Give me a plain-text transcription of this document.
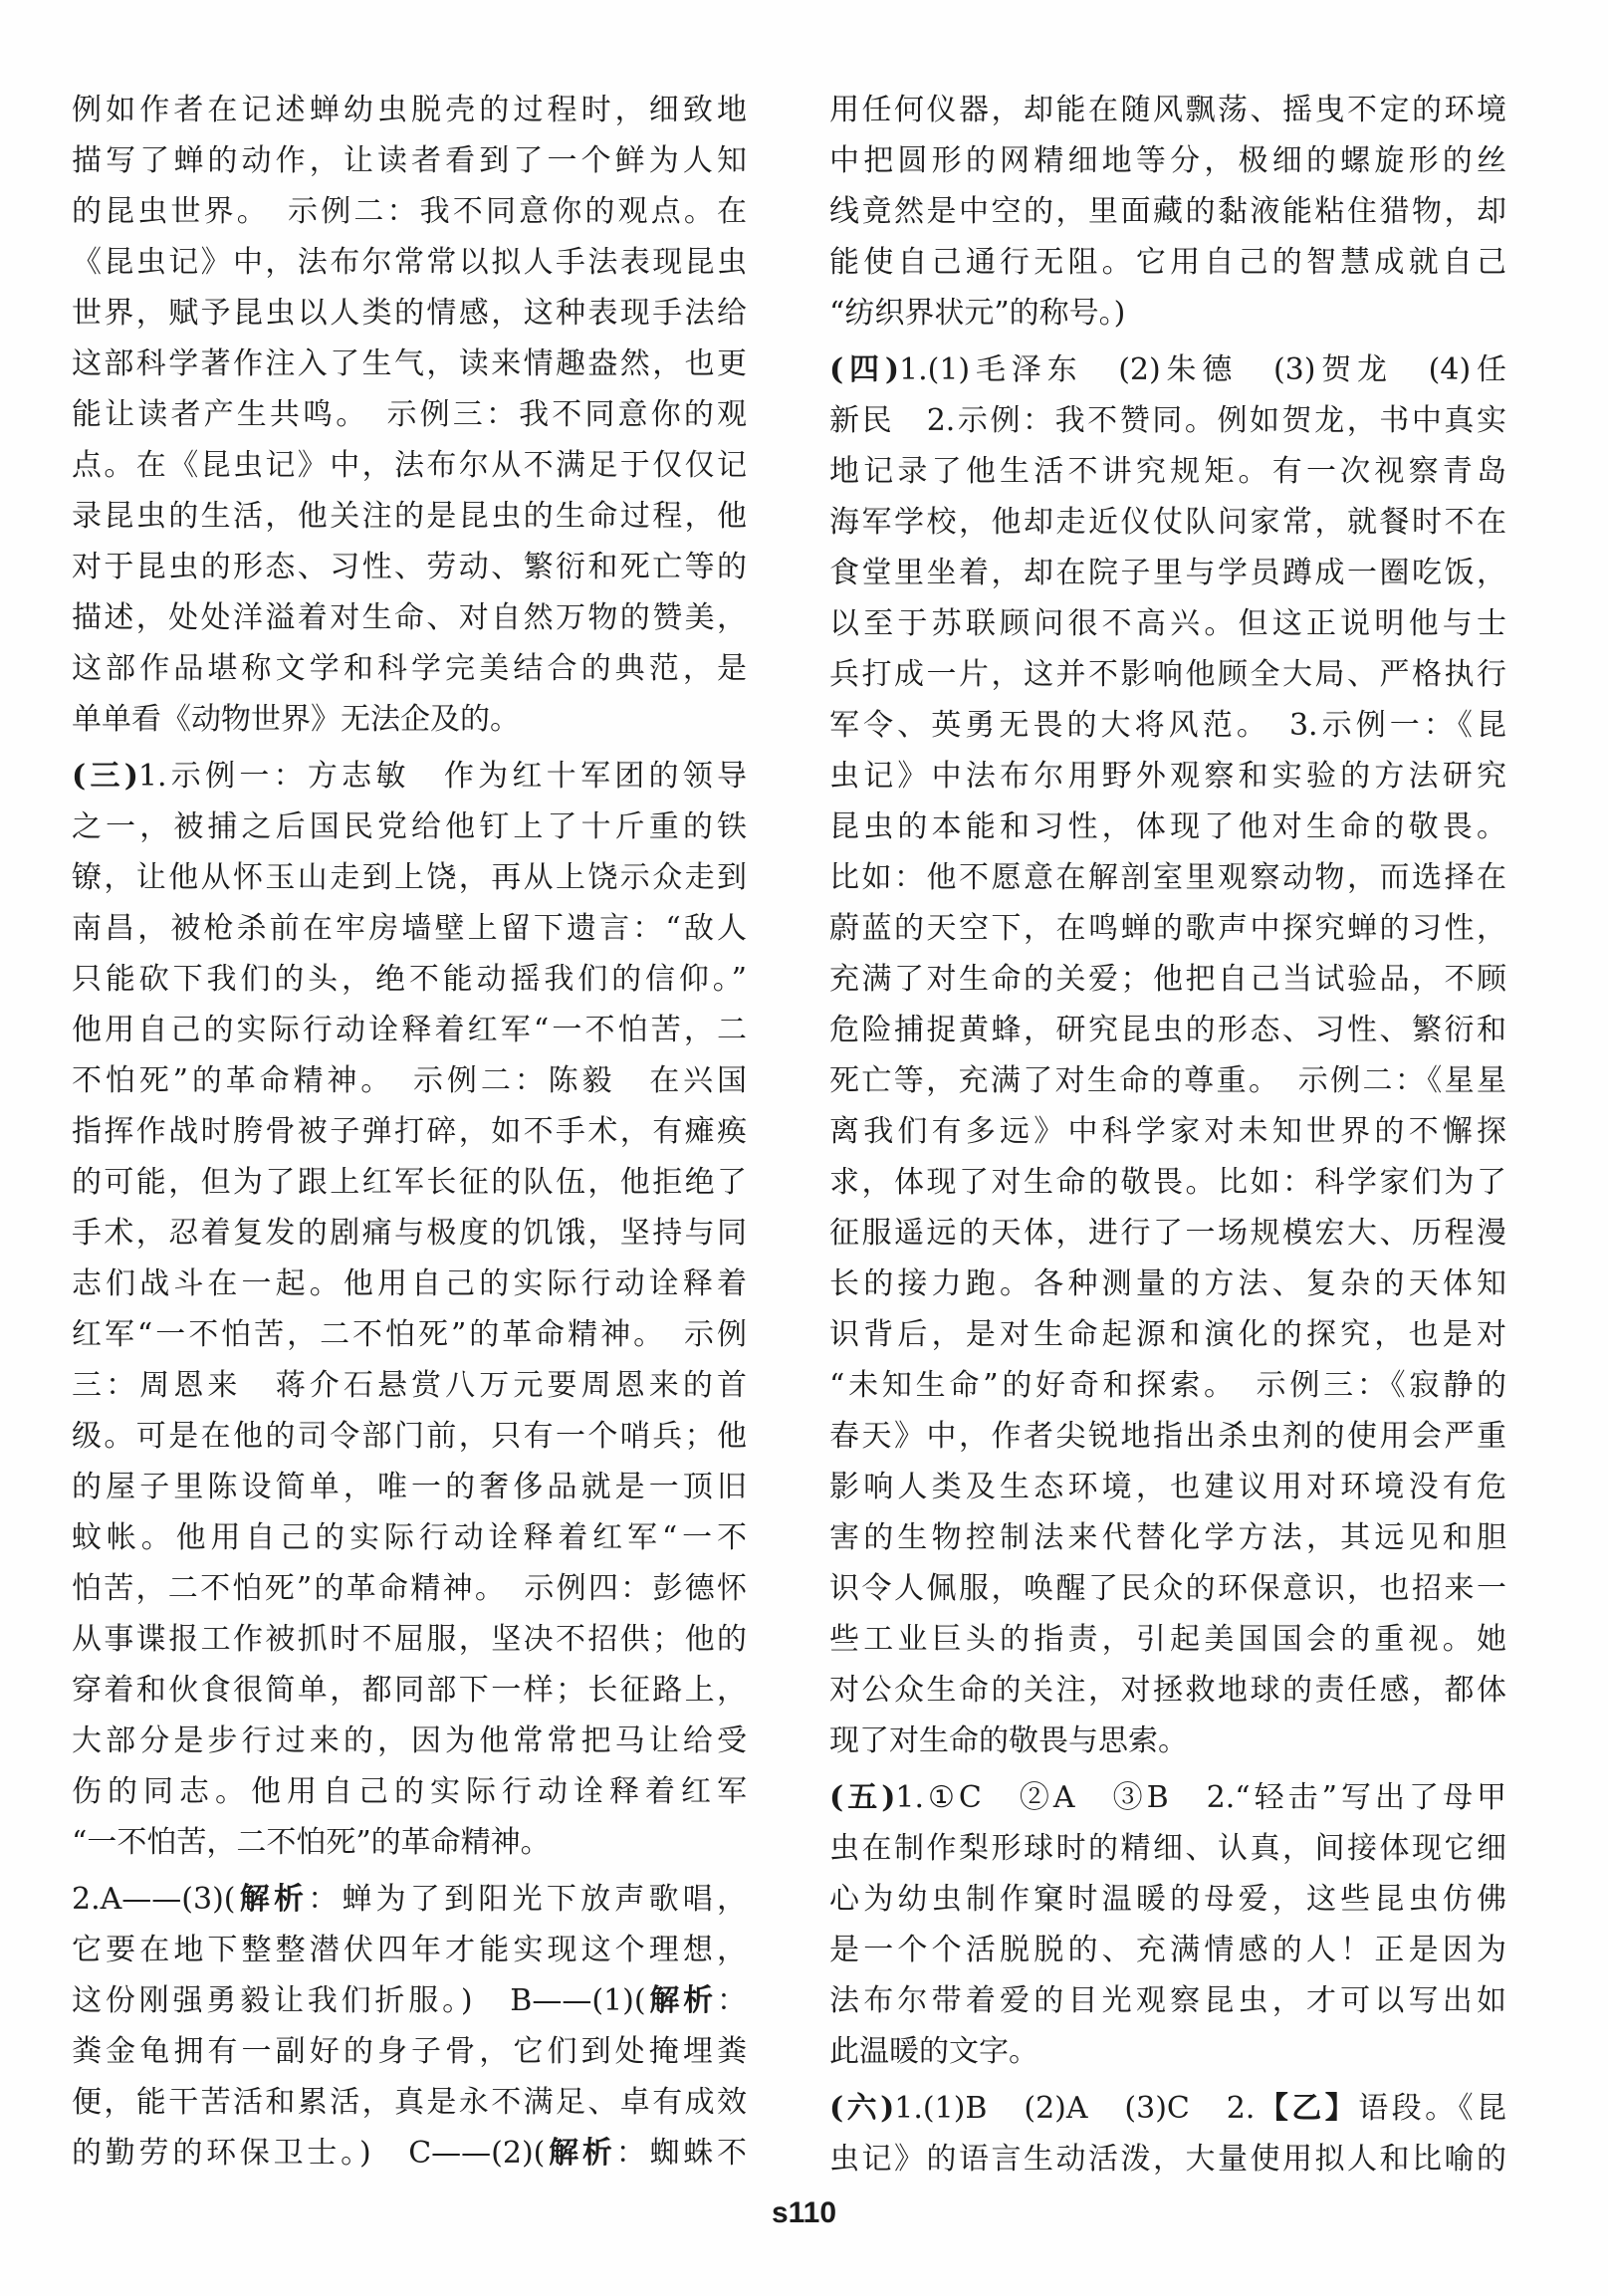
例如作者在记述蝉幼虫脱壳的过程时，细致地
描写了蝉的动作，让读者看到了一个鲜为人知
的昆虫世界。　示例二：我不同意你的观点。在
《昆虫记》中，法布尔常常以拟人手法表现昆虫
世界，赋予昆虫以人类的情感，这种表现手法给
这部科学著作注入了生气，读来情趣盎然，也更
能让读者产生共鸣。　示例三：我不同意你的观
点。在《昆虫记》中，法布尔从不满足于仅仅记
录昆虫的生活，他关注的是昆虫的生命过程，他
对于昆虫的形态、习性、劳动、繁衍和死亡等的
描述，处处洋溢着对生命、对自然万物的赞美，
这部作品堪称文学和科学完美结合的典范，是
单单看《动物世界》无法企及的。
(三)1.示例一：方志敏　作为红十军团的领导
之一，被捕之后国民党给他钉上了十斤重的铁
镣，让他从怀玉山走到上饶，再从上饶示众走到
南昌，被枪杀前在牢房墙壁上留下遗言：“敌人
只能砍下我们的头，绝不能动摇我们的信仰。”
他用自己的实际行动诠释着红军“一不怕苦，二
不怕死”的革命精神。　示例二：陈毅　在兴国
指挥作战时胯骨被子弹打碎，如不手术，有瘫痪
的可能，但为了跟上红军长征的队伍，他拒绝了
手术，忍着复发的剧痛与极度的饥饿，坚持与同
志们战斗在一起。他用自己的实际行动诠释着
红军“一不怕苦，二不怕死”的革命精神。　示例
三：周恩来　蒋介石悬赏八万元要周恩来的首
级。可是在他的司令部门前，只有一个哨兵；他
的屋子里陈设简单，唯一的奢侈品就是一顶旧
蚊帐。他用自己的实际行动诠释着红军“一不
怕苦，二不怕死”的革命精神。　示例四：彭德怀
从事谍报工作被抓时不屈服，坚决不招供；他的
穿着和伙食很简单，都同部下一样；长征路上，
大部分是步行过来的，因为他常常把马让给受
伤的同志。他用自己的实际行动诠释着红军
“一不怕苦，二不怕死”的革命精神。
2.A——(3)(解析：蝉为了到阳光下放声歌唱，
它要在地下整整潜伏四年才能实现这个理想，
这份刚强勇毅让我们折服。)　B——(1)(解析：
粪金龟拥有一副好的身子骨，它们到处掩埋粪
便，能干苦活和累活，真是永不满足、卓有成效
的勤劳的环保卫士。)　C——(2)(解析：蜘蛛不
用任何仪器，却能在随风飘荡、摇曳不定的环境
中把圆形的网精细地等分，极细的螺旋形的丝
线竟然是中空的，里面藏的黏液能粘住猎物，却
能使自己通行无阻。它用自己的智慧成就自己
“纺织界状元”的称号。)
(四)1.(1)毛泽东　(2)朱德　(3)贺龙　(4)任
新民　2.示例：我不赞同。例如贺龙，书中真实
地记录了他生活不讲究规矩。有一次视察青岛
海军学校，他却走近仪仗队问家常，就餐时不在
食堂里坐着，却在院子里与学员蹲成一圈吃饭，
以至于苏联顾问很不高兴。但这正说明他与士
兵打成一片，这并不影响他顾全大局、严格执行
军令、英勇无畏的大将风范。　3.示例一：《昆
虫记》中法布尔用野外观察和实验的方法研究
昆虫的本能和习性，体现了他对生命的敬畏。
比如：他不愿意在解剖室里观察动物，而选择在
蔚蓝的天空下，在鸣蝉的歌声中探究蝉的习性，
充满了对生命的关爱；他把自己当试验品，不顾
危险捕捉黄蜂，研究昆虫的形态、习性、繁衍和
死亡等，充满了对生命的尊重。　示例二：《星星
离我们有多远》中科学家对未知世界的不懈探
求，体现了对生命的敬畏。比如：科学家们为了
征服遥远的天体，进行了一场规模宏大、历程漫
长的接力跑。各种测量的方法、复杂的天体知
识背后，是对生命起源和演化的探究，也是对
“未知生命”的好奇和探索。　示例三：《寂静的
春天》中，作者尖锐地指出杀虫剂的使用会严重
影响人类及生态环境，也建议用对环境没有危
害的生物控制法来代替化学方法，其远见和胆
识令人佩服，唤醒了民众的环保意识，也招来一
些工业巨头的指责，引起美国国会的重视。她
对公众生命的关注，对拯救地球的责任感，都体
现了对生命的敬畏与思索。
(五)1.①C　②A　③B　2.“轻击”写出了母甲
虫在制作梨形球时的精细、认真，间接体现它细
心为幼虫制作窠时温暖的母爱，这些昆虫仿佛
是一个个活脱脱的、充满情感的人！正是因为
法布尔带着爱的目光观察昆虫，才可以写出如
此温暖的文字。
(六)1.(1)B　(2)A　(3)C　2.【乙】语段。《昆
虫记》的语言生动活泼，大量使用拟人和比喻的
s110
